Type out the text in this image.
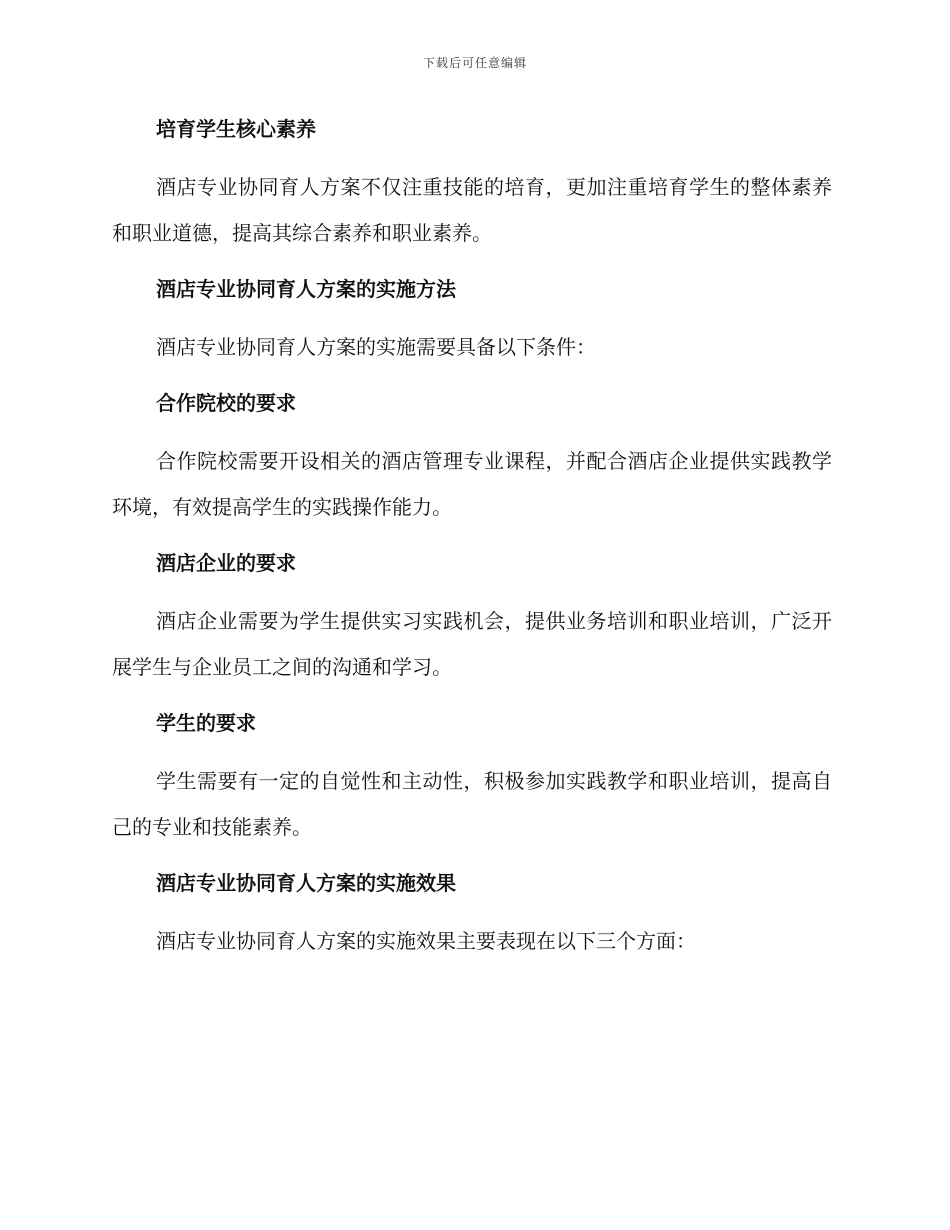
下载后可任意编辑
培育学生核心素养
酒店专业协同育人方案不仅注重技能的培育，更加注重培育学生的整体素养和职业道德，提高其综合素养和职业素养。
酒店专业协同育人方案的实施方法
酒店专业协同育人方案的实施需要具备以下条件：
合作院校的要求
合作院校需要开设相关的酒店管理专业课程，并配合酒店企业提供实践教学环境，有效提高学生的实践操作能力。
酒店企业的要求
酒店企业需要为学生提供实习实践机会，提供业务培训和职业培训，广泛开展学生与企业员工之间的沟通和学习。
学生的要求
学生需要有一定的自觉性和主动性，积极参加实践教学和职业培训，提高自己的专业和技能素养。
酒店专业协同育人方案的实施效果
酒店专业协同育人方案的实施效果主要表现在以下三个方面：
